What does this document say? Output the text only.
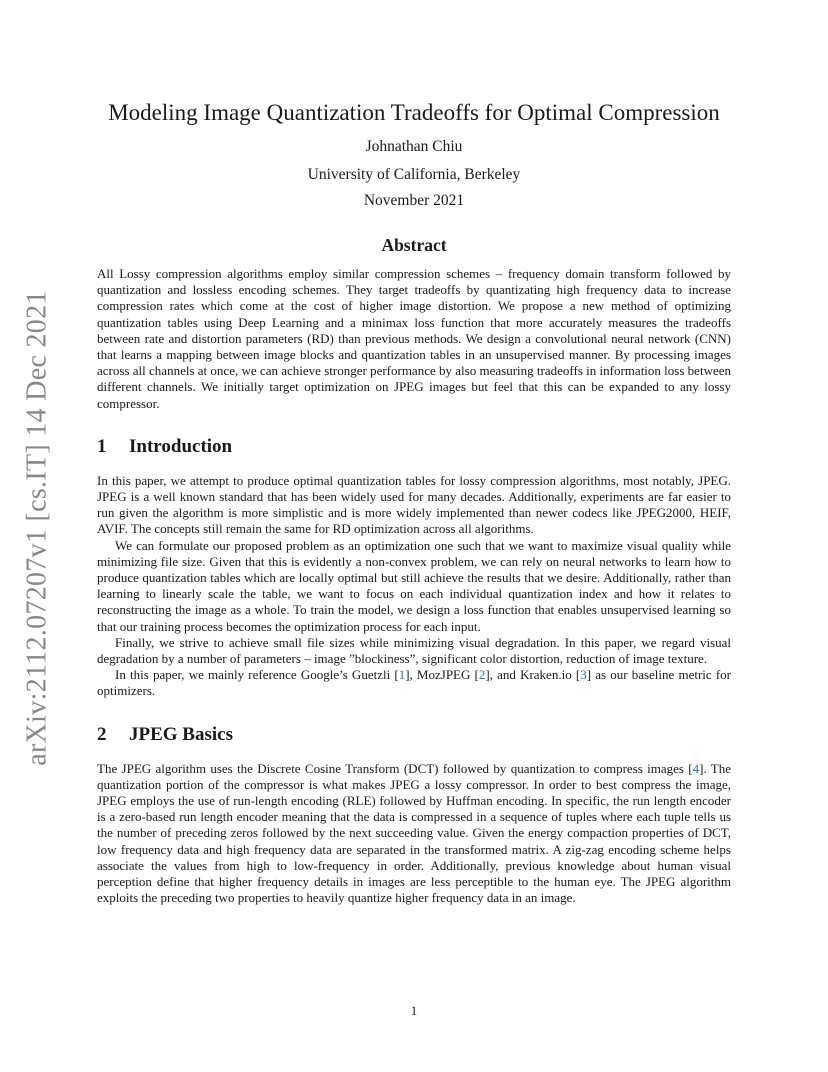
arXiv:2112.07207v1 [cs.IT] 14 Dec 2021
Modeling Image Quantization Tradeoffs for Optimal Compression
Johnathan Chiu
University of California, Berkeley
November 2021
Abstract

All Lossy compression algorithms employ similar compression schemes – frequency domain transform followed by quantization and lossless encoding schemes. They target tradeoffs by quantizating high frequency data to increase compression rates which come at the cost of higher image distortion. We propose a new method of optimizing quantization tables using Deep Learning and a minimax loss function that more accurately measures the tradeoffs between rate and distortion parameters (RD) than previous methods. We design a convolutional neural network (CNN) that learns a mapping between image blocks and quantization tables in an unsupervised manner. By processing images across all channels at once, we can achieve stronger performance by also measuring tradeoffs in information loss between different channels. We initially target optimization on JPEG images but feel that this can be expanded to any lossy compressor.

1	Introduction

In this paper, we attempt to produce optimal quantization tables for lossy compression algorithms, most notably, JPEG. JPEG is a well known standard that has been widely used for many decades. Additionally, experiments are far easier to run given the algorithm is more simplistic and is more widely implemented than newer codecs like JPEG2000, HEIF, AVIF. The concepts still remain the same for RD optimization across all algorithms.

We can formulate our proposed problem as an optimization one such that we want to maximize visual quality while minimizing file size. Given that this is evidently a non-convex problem, we can rely on neural networks to learn how to produce quantization tables which are locally optimal but still achieve the results that we desire. Additionally, rather than learning to linearly scale the table, we want to focus on each individual quantization index and how it relates to reconstructing the image as a whole. To train the model, we design a loss function that enables unsupervised learning so that our training process becomes the optimization process for each input.

Finally, we strive to achieve small file sizes while minimizing visual degradation. In this paper, we regard visual degradation by a number of parameters – image ”blockiness”, significant color distortion, reduction of image texture.

In this paper, we mainly reference Google’s Guetzli [1], MozJPEG [2], and Kraken.io [3] as our baseline metric for optimizers.

2	JPEG Basics

The JPEG algorithm uses the Discrete Cosine Transform (DCT) followed by quantization to compress images [4]. The quantization portion of the compressor is what makes JPEG a lossy compressor. In order to best compress the image, JPEG employs the use of run-length encoding (RLE) followed by Huffman encoding. In specific, the run length encoder is a zero-based run length encoder meaning that the data is compressed in a sequence of tuples where each tuple tells us the number of preceding zeros followed by the next succeeding value. Given the energy compaction properties of DCT, low frequency data and high frequency data are separated in the transformed matrix. A zig-zag encoding scheme helps associate the values from high to low-frequency in order. Additionally, previous knowledge about human visual perception define that higher frequency details in images are less perceptible to the human eye. The JPEG algorithm exploits the preceding two properties to heavily quantize higher frequency data in an image.

1
